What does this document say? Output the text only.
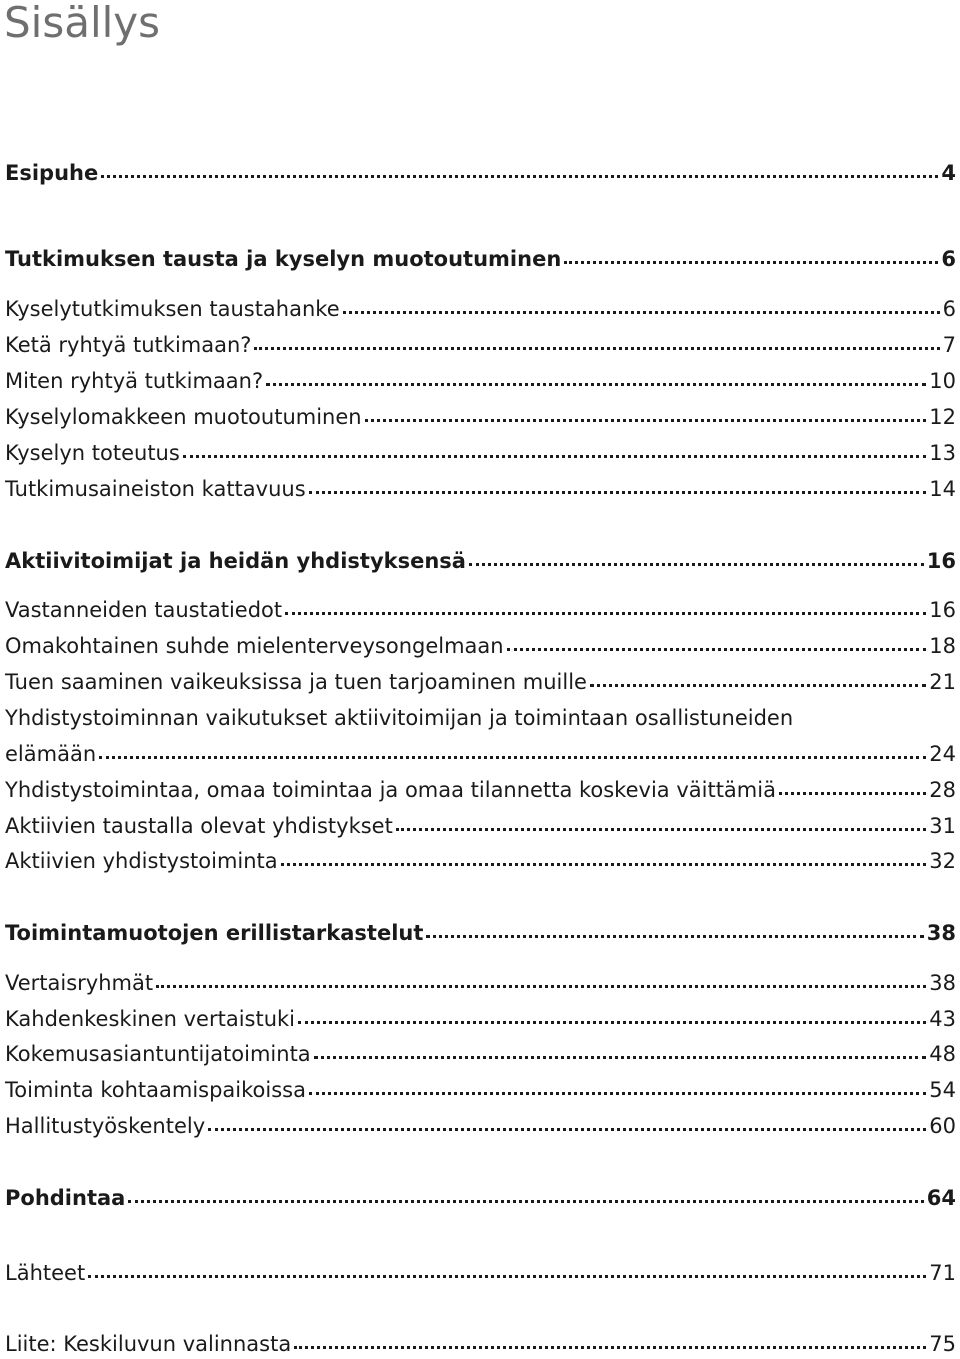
Sisällys
Esipuhe	4
Tutkimuksen tausta ja kyselyn muotoutuminen	6
Kyselytutkimuksen taustahanke	6
Ketä ryhtyä tutkimaan?	7
Miten ryhtyä tutkimaan?	10
Kyselylomakkeen muotoutuminen	12
Kyselyn toteutus	13
Tutkimusaineiston kattavuus	14
Aktiivitoimijat ja heidän yhdistyksensä	16
Vastanneiden taustatiedot	16
Omakohtainen suhde mielenterveysongelmaan	18
Tuen saaminen vaikeuksissa ja tuen tarjoaminen muille	21
Yhdistystoiminnan vaikutukset aktiivitoimijan ja toimintaan osallistuneiden
elämään	24
Yhdistystoimintaa, omaa toimintaa ja omaa tilannetta koskevia väittämiä	28
Aktiivien taustalla olevat yhdistykset	31
Aktiivien yhdistystoiminta	32
Toimintamuotojen erillistarkastelut	38
Vertaisryhmät	38
Kahdenkeskinen vertaistuki	43
Kokemusasiantuntijatoiminta	48
Toiminta kohtaamispaikoissa	54
Hallitustyöskentely	60
Pohdintaa	64
Lähteet	71
Liite: Keskiluvun valinnasta	75
